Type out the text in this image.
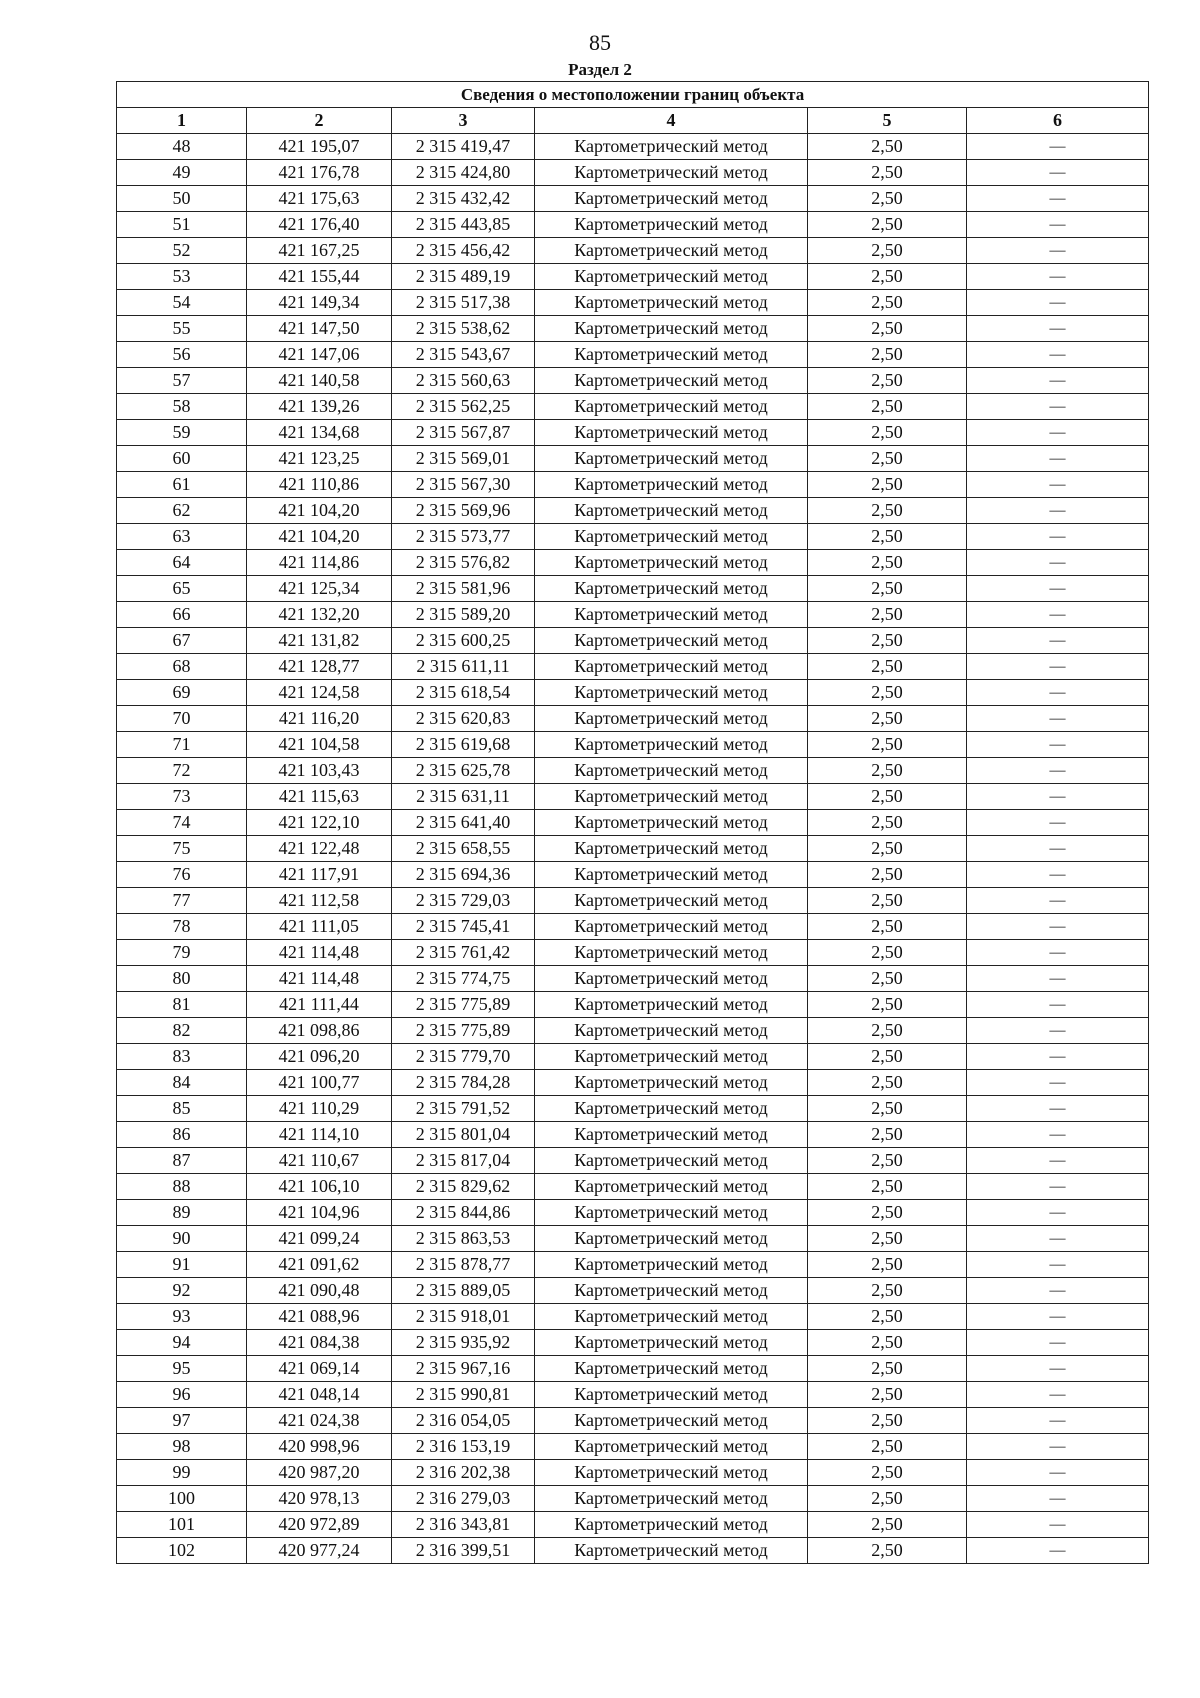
85
Раздел 2
Сведения о местоположении границ объекта					
1	2	3	4	5	6
48	421 195,07	2 315 419,47	Картометрический метод	2,50	—
49	421 176,78	2 315 424,80	Картометрический метод	2,50	—
50	421 175,63	2 315 432,42	Картометрический метод	2,50	—
51	421 176,40	2 315 443,85	Картометрический метод	2,50	—
52	421 167,25	2 315 456,42	Картометрический метод	2,50	—
53	421 155,44	2 315 489,19	Картометрический метод	2,50	—
54	421 149,34	2 315 517,38	Картометрический метод	2,50	—
55	421 147,50	2 315 538,62	Картометрический метод	2,50	—
56	421 147,06	2 315 543,67	Картометрический метод	2,50	—
57	421 140,58	2 315 560,63	Картометрический метод	2,50	—
58	421 139,26	2 315 562,25	Картометрический метод	2,50	—
59	421 134,68	2 315 567,87	Картометрический метод	2,50	—
60	421 123,25	2 315 569,01	Картометрический метод	2,50	—
61	421 110,86	2 315 567,30	Картометрический метод	2,50	—
62	421 104,20	2 315 569,96	Картометрический метод	2,50	—
63	421 104,20	2 315 573,77	Картометрический метод	2,50	—
64	421 114,86	2 315 576,82	Картометрический метод	2,50	—
65	421 125,34	2 315 581,96	Картометрический метод	2,50	—
66	421 132,20	2 315 589,20	Картометрический метод	2,50	—
67	421 131,82	2 315 600,25	Картометрический метод	2,50	—
68	421 128,77	2 315 611,11	Картометрический метод	2,50	—
69	421 124,58	2 315 618,54	Картометрический метод	2,50	—
70	421 116,20	2 315 620,83	Картометрический метод	2,50	—
71	421 104,58	2 315 619,68	Картометрический метод	2,50	—
72	421 103,43	2 315 625,78	Картометрический метод	2,50	—
73	421 115,63	2 315 631,11	Картометрический метод	2,50	—
74	421 122,10	2 315 641,40	Картометрический метод	2,50	—
75	421 122,48	2 315 658,55	Картометрический метод	2,50	—
76	421 117,91	2 315 694,36	Картометрический метод	2,50	—
77	421 112,58	2 315 729,03	Картометрический метод	2,50	—
78	421 111,05	2 315 745,41	Картометрический метод	2,50	—
79	421 114,48	2 315 761,42	Картометрический метод	2,50	—
80	421 114,48	2 315 774,75	Картометрический метод	2,50	—
81	421 111,44	2 315 775,89	Картометрический метод	2,50	—
82	421 098,86	2 315 775,89	Картометрический метод	2,50	—
83	421 096,20	2 315 779,70	Картометрический метод	2,50	—
84	421 100,77	2 315 784,28	Картометрический метод	2,50	—
85	421 110,29	2 315 791,52	Картометрический метод	2,50	—
86	421 114,10	2 315 801,04	Картометрический метод	2,50	—
87	421 110,67	2 315 817,04	Картометрический метод	2,50	—
88	421 106,10	2 315 829,62	Картометрический метод	2,50	—
89	421 104,96	2 315 844,86	Картометрический метод	2,50	—
90	421 099,24	2 315 863,53	Картометрический метод	2,50	—
91	421 091,62	2 315 878,77	Картометрический метод	2,50	—
92	421 090,48	2 315 889,05	Картометрический метод	2,50	—
93	421 088,96	2 315 918,01	Картометрический метод	2,50	—
94	421 084,38	2 315 935,92	Картометрический метод	2,50	—
95	421 069,14	2 315 967,16	Картометрический метод	2,50	—
96	421 048,14	2 315 990,81	Картометрический метод	2,50	—
97	421 024,38	2 316 054,05	Картометрический метод	2,50	—
98	420 998,96	2 316 153,19	Картометрический метод	2,50	—
99	420 987,20	2 316 202,38	Картометрический метод	2,50	—
100	420 978,13	2 316 279,03	Картометрический метод	2,50	—
101	420 972,89	2 316 343,81	Картометрический метод	2,50	—
102	420 977,24	2 316 399,51	Картометрический метод	2,50	—
